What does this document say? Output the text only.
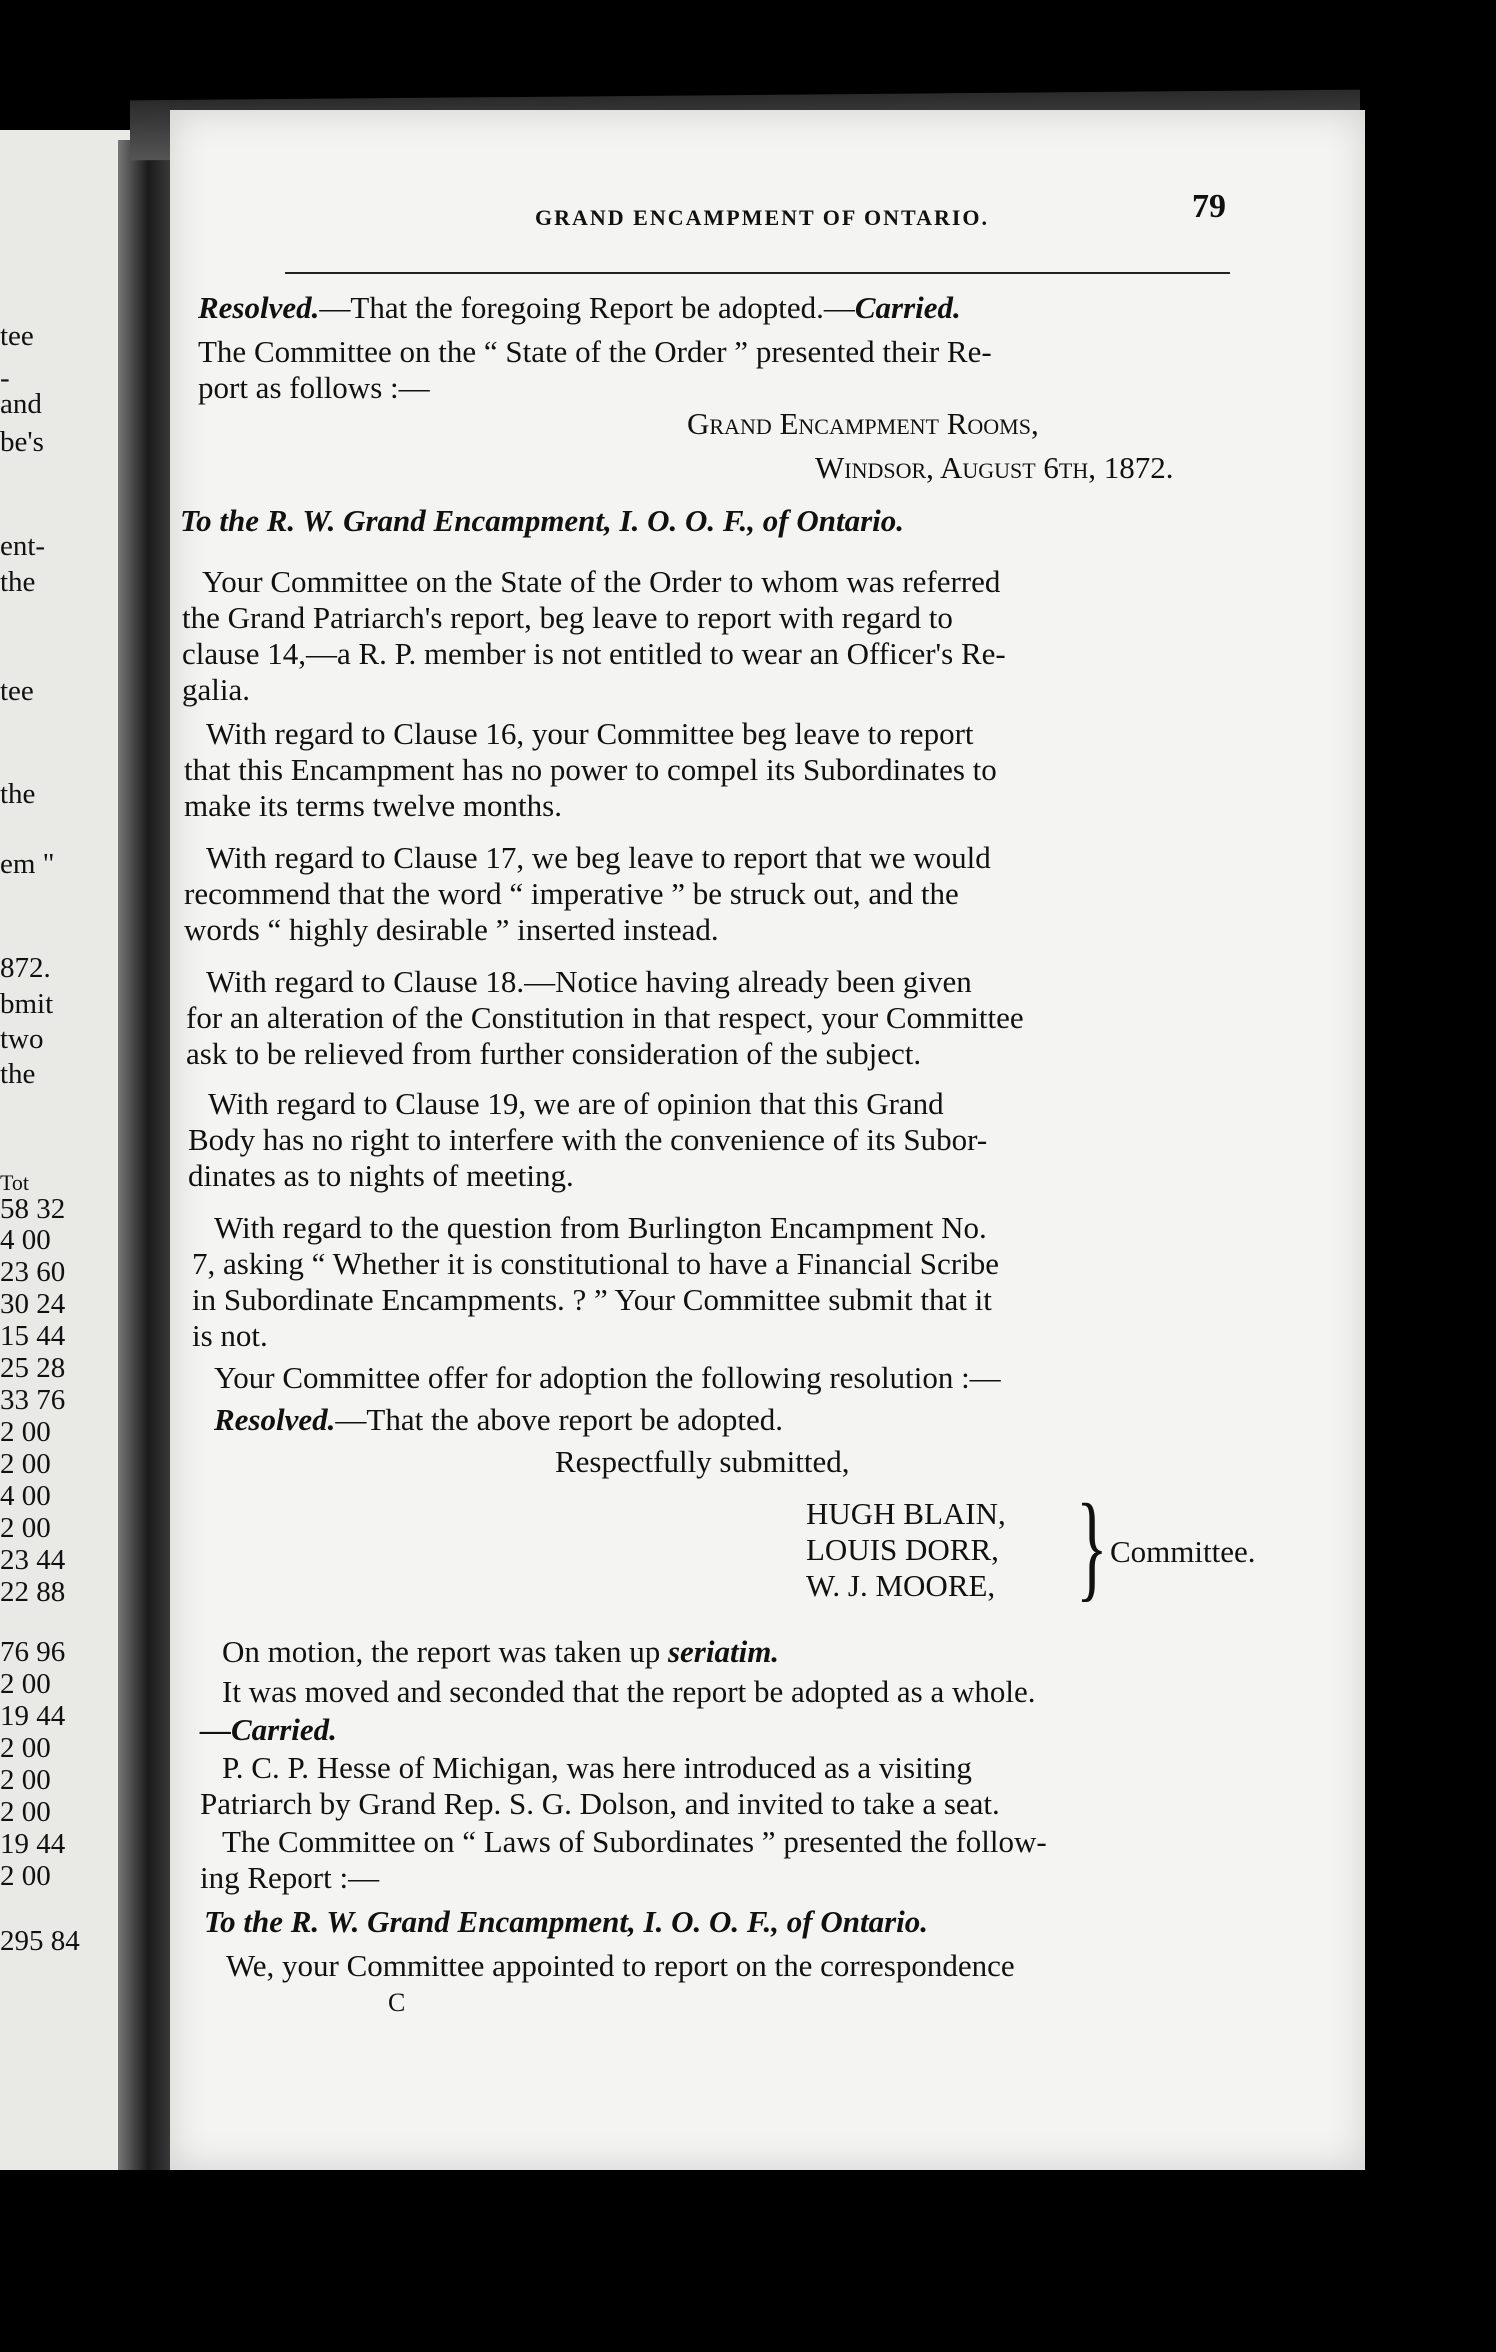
tee
-
and
be's
ent-
the
tee
the
em "
872.
bmit
two
the
Tot
58 32
4 00
23 60
30 24
15 44
25 28
33 76
2 00
2 00
4 00
2 00
23 44
22 88
76 96
2 00
19 44
2 00
2 00
2 00
19 44
2 00
295 84
GRAND ENCAMPMENT OF ONTARIO.	79
Resolved.—That the foregoing Report be adopted.—Carried.
The Committee on the “ State of the Order ” presented their Re-
port as follows :—
Grand Encampment Rooms,
Windsor, August 6th, 1872.
To the R. W. Grand Encampment, I. O. O. F., of Ontario.
Your Committee on the State of the Order to whom was referred
the Grand Patriarch's report, beg leave to report with regard to
clause 14,—a R. P. member is not entitled to wear an Officer's Re-
galia.
With regard to Clause 16, your Committee beg leave to report
that this Encampment has no power to compel its Subordinates to
make its terms twelve months.
With regard to Clause 17, we beg leave to report that we would
recommend that the word “ imperative ” be struck out, and the
words “ highly desirable ” inserted instead.
With regard to Clause 18.—Notice having already been given
for an alteration of the Constitution in that respect, your Committee
ask to be relieved from further consideration of the subject.
With regard to Clause 19, we are of opinion that this Grand
Body has no right to interfere with the convenience of its Subor-
dinates as to nights of meeting.
With regard to the question from Burlington Encampment No.
7, asking “ Whether it is constitutional to have a Financial Scribe
in Subordinate Encampments. ? ” Your Committee submit that it
is not.
Your Committee offer for adoption the following resolution :—
Resolved.—That the above report be adopted.
Respectfully submitted,
HUGH BLAIN,
LOUIS DORR,
W. J. MOORE, } Committee.
On motion, the report was taken up seriatim.
It was moved and seconded that the report be adopted as a whole.
—Carried.
P. C. P. Hesse of Michigan, was here introduced as a visiting
Patriarch by Grand Rep. S. G. Dolson, and invited to take a seat.
The Committee on “ Laws of Subordinates ” presented the follow-
ing Report :—
To the R. W. Grand Encampment, I. O. O. F., of Ontario.
We, your Committee appointed to report on the correspondence
C
